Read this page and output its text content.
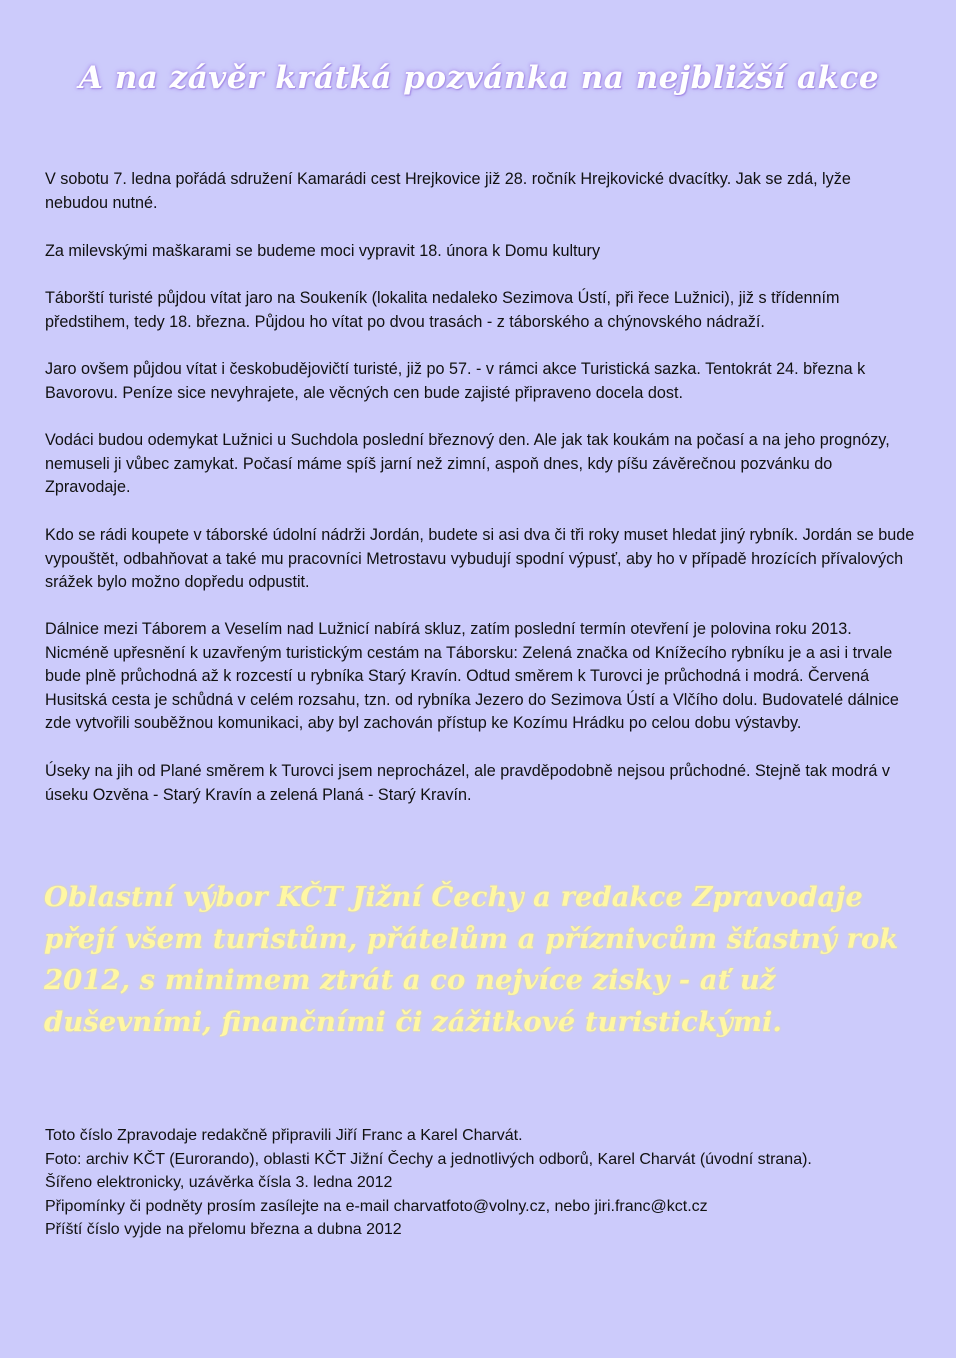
A na závěr krátká pozvánka na nejbližší akce

V sobotu 7. ledna pořádá sdružení Kamarádi cest Hrejkovice již 28. ročník Hrejkovické dvacítky. Jak se zdá, lyže nebudou nutné.

Za milevskými maškarami se budeme moci vypravit 18. února k Domu kultury

Táborští turisté půjdou vítat jaro na Soukeník (lokalita nedaleko Sezimova Ústí, při řece Lužnici), již s třídenním předstihem, tedy 18. března. Půjdou ho vítat po dvou trasách - z táborského a chýnovského nádraží.

Jaro ovšem půjdou vítat i českobudějovičtí turisté, již po 57. - v rámci akce Turistická sazka. Tentokrát 24. března k Bavorovu. Peníze sice nevyhrajete, ale věcných cen bude zajisté připraveno docela dost.

Vodáci budou odemykat Lužnici u Suchdola poslední březnový den. Ale jak tak koukám na počasí a na jeho prognózy, nemuseli ji vůbec zamykat. Počasí máme spíš jarní než zimní, aspoň dnes, kdy píšu závěrečnou pozvánku do Zpravodaje.

Kdo se rádi koupete v táborské údolní nádrži Jordán, budete si asi dva či tři roky muset hledat jiný rybník. Jordán se bude vypouštět, odbahňovat a také mu pracovníci Metrostavu vybudují spodní výpusť, aby ho v případě hrozících přívalových srážek bylo možno dopředu odpustit.

Dálnice mezi Táborem a Veselím nad Lužnicí nabírá skluz, zatím poslední termín otevření je polovina roku 2013. Nicméně upřesnění k uzavřeným turistickým cestám na Táborsku: Zelená značka od Knížecího rybníku je a asi i trvale bude plně průchodná až k rozcestí u rybníka Starý Kravín. Odtud směrem k Turovci je průchodná i modrá. Červená Husitská cesta je schůdná v celém rozsahu, tzn. od rybníka Jezero do Sezimova Ústí a Vlčího dolu. Budovatelé dálnice zde vytvořili souběžnou komunikaci, aby byl zachován přístup ke Kozímu Hrádku po celou dobu výstavby.

Úseky na jih od Plané směrem k Turovci jsem neprocházel, ale pravděpodobně nejsou průchodné. Stejně tak modrá v úseku Ozvěna - Starý Kravín a zelená Planá - Starý Kravín.

Oblastní výbor KČT Jižní Čechy a redakce Zpravodaje přejí všem turistům, přátelům a příznivcům šťastný rok 2012, s minimem ztrát a co nejvíce zisky - ať už duševními, finančními či zážitkové turistickými.

Toto číslo Zpravodaje redakčně připravili Jiří Franc a Karel Charvát.
Foto: archiv KČT (Eurorando), oblasti KČT Jižní Čechy a jednotlivých odborů, Karel Charvát (úvodní strana).
Šířeno elektronicky, uzávěrka čísla 3. ledna 2012
Připomínky či podněty prosím zasílejte na e-mail charvatfoto@volny.cz, nebo jiri.franc@kct.cz
Příští číslo vyjde na přelomu března a dubna 2012
